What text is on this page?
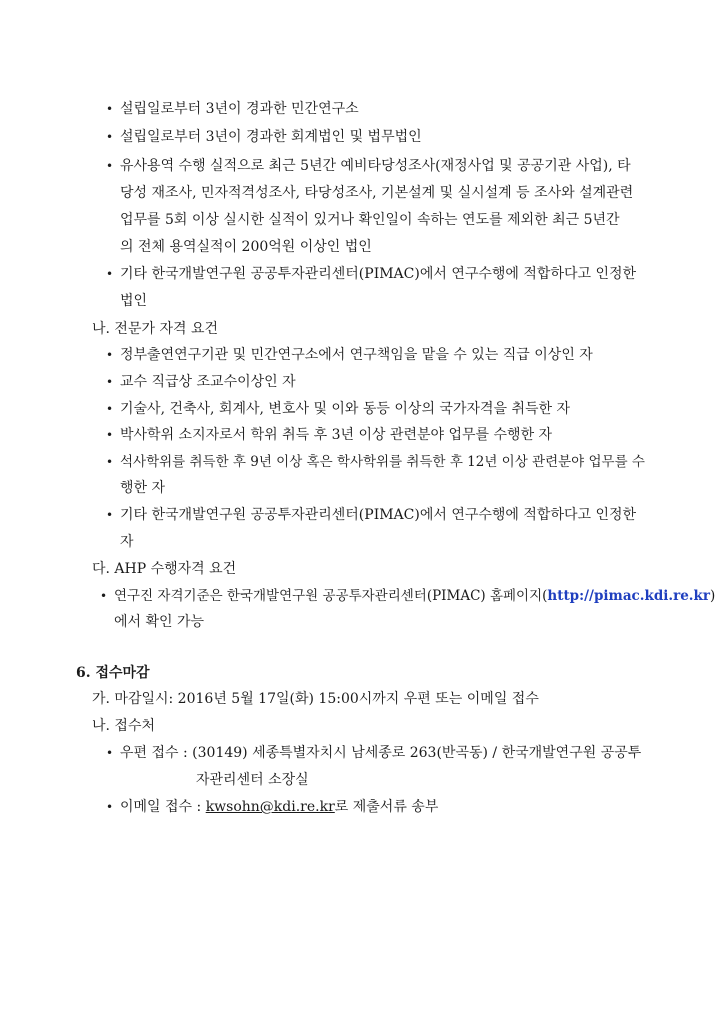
• 설립일로부터 3년이 경과한 민간연구소
• 설립일로부터 3년이 경과한 회계법인 및 법무법인
• 유사용역 수행 실적으로 최근 5년간 예비타당성조사(재정사업 및 공공기관 사업), 타
당성 재조사, 민자적격성조사, 타당성조사, 기본설계 및 실시설계 등 조사와 설계관련
업무를 5회 이상 실시한 실적이 있거나 확인일이 속하는 연도를 제외한 최근 5년간
의 전체 용역실적이 200억원 이상인 법인
• 기타 한국개발연구원 공공투자관리센터(PIMAC)에서 연구수행에 적합하다고 인정한
법인
나. 전문가 자격 요건
• 정부출연연구기관 및 민간연구소에서 연구책임을 맡을 수 있는 직급 이상인 자
• 교수 직급상 조교수이상인 자
• 기술사, 건축사, 회계사, 변호사 및 이와 동등 이상의 국가자격을 취득한 자
• 박사학위 소지자로서 학위 취득 후 3년 이상 관련분야 업무를 수행한 자
• 석사학위를 취득한 후 9년 이상 혹은 학사학위를 취득한 후 12년 이상 관련분야 업무를 수
행한 자
• 기타 한국개발연구원 공공투자관리센터(PIMAC)에서 연구수행에 적합하다고 인정한
자
다. AHP 수행자격 요건
• 연구진 자격기준은 한국개발연구원 공공투자관리센터(PIMAC) 홈페이지(http://pimac.kdi.re.kr)
에서 확인 가능
6. 접수마감
가. 마감일시: 2016년 5월 17일(화) 15:00시까지 우편 또는 이메일 접수
나. 접수처
• 우편 접수 : (30149) 세종특별자치시 남세종로 263(반곡동) / 한국개발연구원 공공투
자관리센터 소장실
• 이메일 접수 : kwsohn@kdi.re.kr로 제출서류 송부
